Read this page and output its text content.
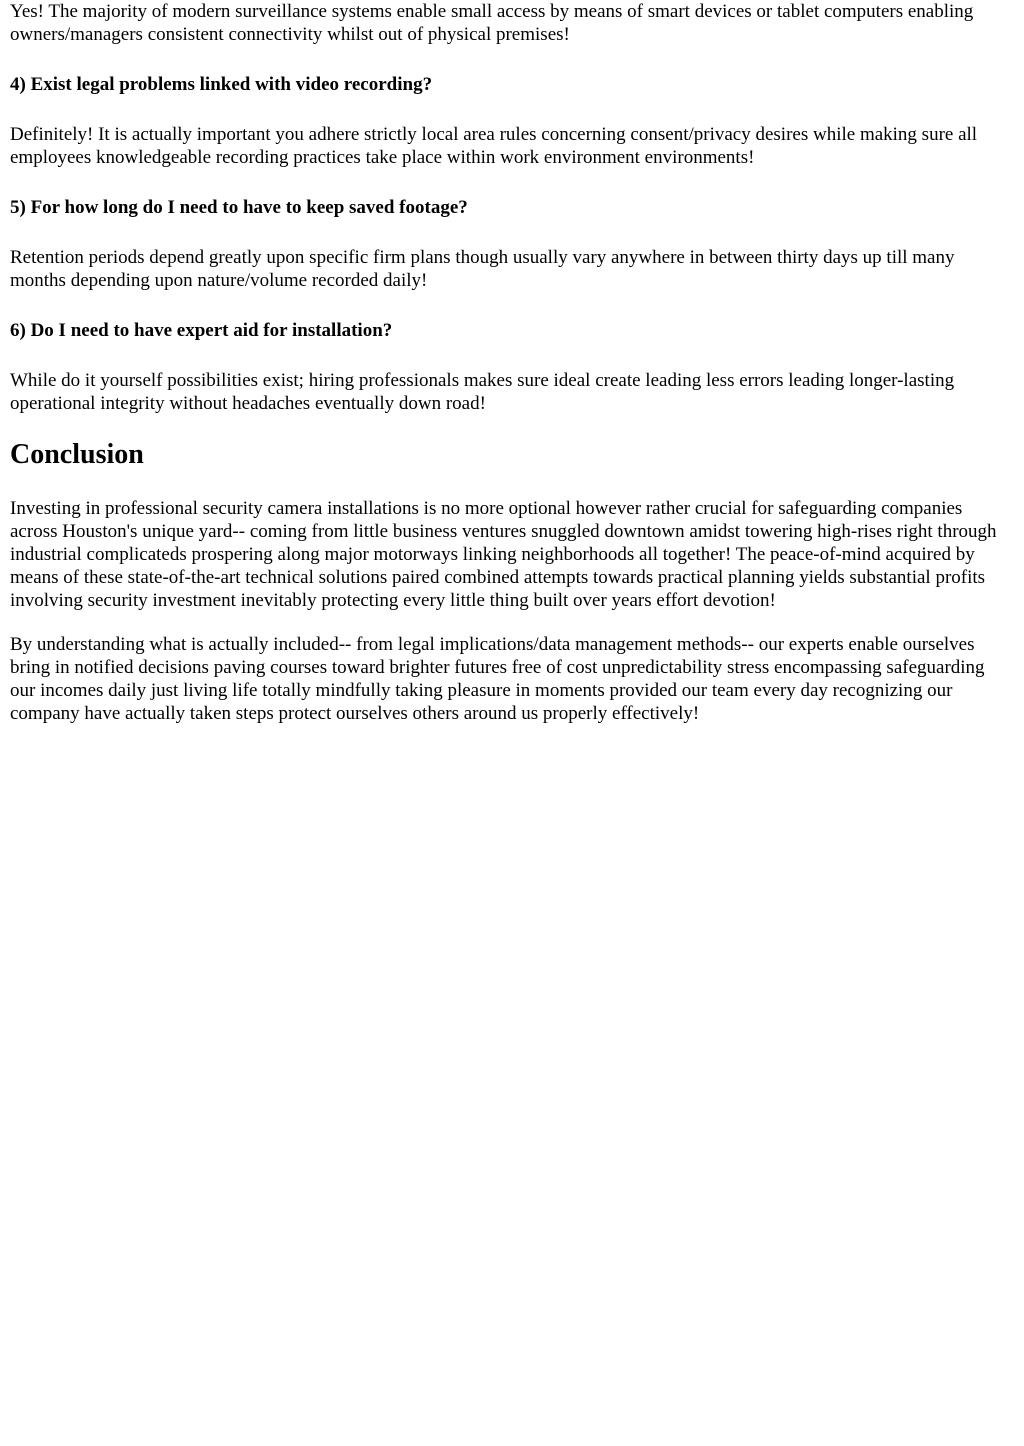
Yes! The majority of modern surveillance systems enable small access by means of smart devices or tablet computers enabling owners/managers consistent connectivity whilst out of physical premises!

4) Exist legal problems linked with video recording?

Definitely! It is actually important you adhere strictly local area rules concerning consent/privacy desires while making sure all employees knowledgeable recording practices take place within work environment environments!

5) For how long do I need to have to keep saved footage?

Retention periods depend greatly upon specific firm plans though usually vary anywhere in between thirty days up till many months depending upon nature/volume recorded daily!

6) Do I need to have expert aid for installation?

While do it yourself possibilities exist; hiring professionals makes sure ideal create leading less errors leading longer-lasting operational integrity without headaches eventually down road!

Conclusion

Investing in professional security camera installations is no more optional however rather crucial for safeguarding companies across Houston's unique yard-- coming from little business ventures snuggled downtown amidst towering high-rises right through industrial complicateds prospering along major motorways linking neighborhoods all together! The peace-of-mind acquired by means of these state-of-the-art technical solutions paired combined attempts towards practical planning yields substantial profits involving security investment inevitably protecting every little thing built over years effort devotion!

By understanding what is actually included-- from legal implications/data management methods-- our experts enable ourselves bring in notified decisions paving courses toward brighter futures free of cost unpredictability stress encompassing safeguarding our incomes daily just living life totally mindfully taking pleasure in moments provided our team every day recognizing our company have actually taken steps protect ourselves others around us properly effectively!
